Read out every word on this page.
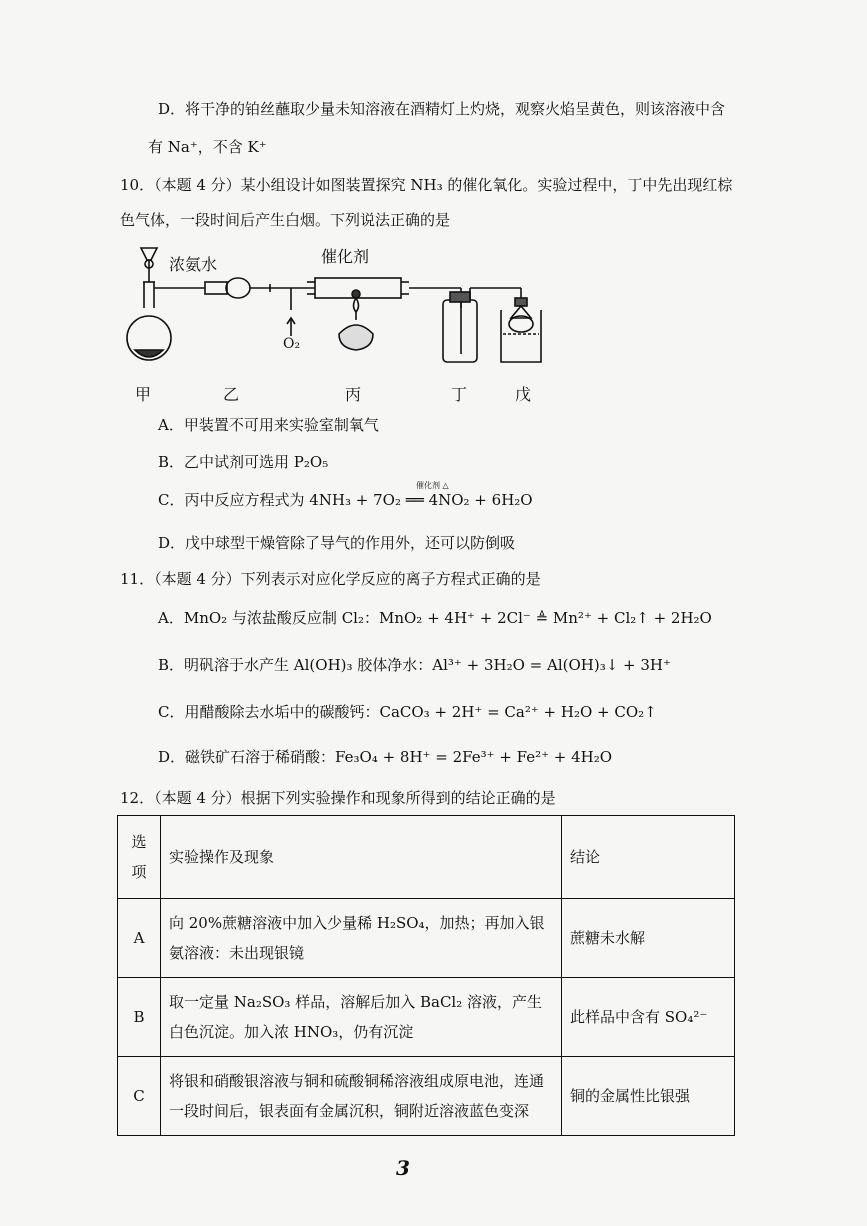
D．将干净的铂丝蘸取少量未知溶液在酒精灯上灼烧，观察火焰呈黄色，则该溶液中含
有 Na⁺，不含 K⁺
10．（本题 4 分）某小组设计如图装置探究 NH₃ 的催化氧化。实验过程中，丁中先出现红棕
色气体，一段时间后产生白烟。下列说法正确的是
浓氨水	催化剂
O₂
甲	乙	丙	丁	戊
A．甲装置不可用来实验室制氧气
B．乙中试剂可选用 P₂O₅
C．丙中反应方程式为 4NH₃ + 7O₂ ══ 4NO₂ + 6H₂O
催化剂 △
D．戊中球型干燥管除了导气的作用外，还可以防倒吸
11．（本题 4 分）下列表示对应化学反应的离子方程式正确的是
A．MnO₂ 与浓盐酸反应制 Cl₂：MnO₂ + 4H⁺ + 2Cl⁻ ≜ Mn²⁺ + Cl₂↑ + 2H₂O
B．明矾溶于水产生 Al(OH)₃ 胶体净水：Al³⁺ + 3H₂O = Al(OH)₃↓ + 3H⁺
C．用醋酸除去水垢中的碳酸钙：CaCO₃ + 2H⁺ = Ca²⁺ + H₂O + CO₂↑
D．磁铁矿石溶于稀硝酸：Fe₃O₄ + 8H⁺ = 2Fe³⁺ + Fe²⁺ + 4H₂O
12．（本题 4 分）根据下列实验操作和现象所得到的结论正确的是
选项	实验操作及现象	结论
A	向 20%蔗糖溶液中加入少量稀 H₂SO₄，加热；再加入银氨溶液：未出现银镜	蔗糖未水解
B	取一定量 Na₂SO₃ 样品，溶解后加入 BaCl₂ 溶液，产生白色沉淀。加入浓 HNO₃，仍有沉淀	此样品中含有 SO₄²⁻
C	将银和硝酸银溶液与铜和硫酸铜稀溶液组成原电池，连通一段时间后，银表面有金属沉积，铜附近溶液蓝色变深	铜的金属性比银强
3
